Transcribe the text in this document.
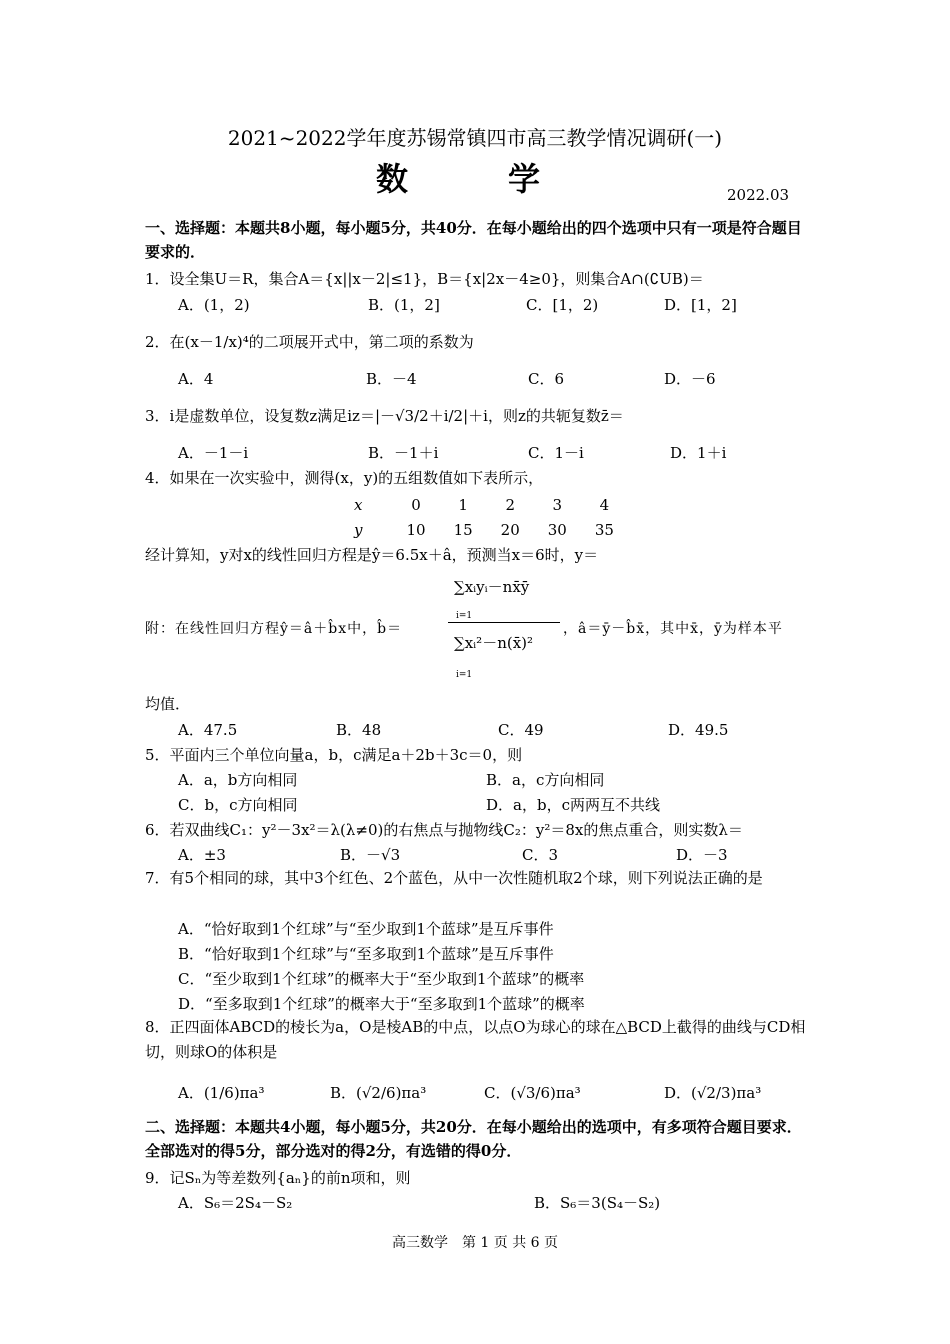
2021~2022学年度苏锡常镇四市高三教学情况调研(一)
数　学	2022.03
一、选择题：本题共8小题，每小题5分，共40分．在每小题给出的四个选项中只有一项是符合题目要求的．
1．设全集U＝R，集合A＝{x||x－2|≤1}，B＝{x|2x－4≥0}，则集合A∩(∁UB)＝
A．(1，2)	B．(1，2]	C．[1，2)	D．[1，2]
2．在(x－1/x)⁴的二项展开式中，第二项的系数为
A．4	B．－4	C．6	D．－6
3．i是虚数单位，设复数z满足iz＝|－√3/2＋i/2|＋i，则z的共轭复数z̄＝
A．－1－i	B．－1＋i	C．1－i	D．1＋i
4．如果在一次实验中，测得(x，y)的五组数值如下表所示，
x	0	1	2	3	4
y	10	15	20	30	35
经计算知，y对x的线性回归方程是ŷ＝6.5x＋â，预测当x＝6时，y＝
附：在线性回归方程ŷ＝â＋b̂x中，b̂＝
∑xᵢyᵢ－nx̄ȳ
i=1
∑xᵢ²－n(x̄)²
i=1
，â＝ȳ－b̂x̄，其中x̄，ȳ为样本平
均值．
A．47.5	B．48	C．49	D．49.5
5．平面内三个单位向量a，b，c满足a＋2b＋3c＝0，则
A．a，b方向相同	B．a，c方向相同
C．b，c方向相同	D．a，b，c两两互不共线
6．若双曲线C₁：y²－3x²＝λ(λ≠0)的右焦点与抛物线C₂：y²＝8x的焦点重合，则实数λ＝
A．±3	B．－√3	C．3	D．－3
7．有5个相同的球，其中3个红色、2个蓝色，从中一次性随机取2个球，则下列说法正确的是
A．“恰好取到1个红球”与“至少取到1个蓝球”是互斥事件
B．“恰好取到1个红球”与“至多取到1个蓝球”是互斥事件
C．“至少取到1个红球”的概率大于“至少取到1个蓝球”的概率
D．“至多取到1个红球”的概率大于“至多取到1个蓝球”的概率
8．正四面体ABCD的棱长为a，O是棱AB的中点，以点O为球心的球在△BCD上截得的曲线与CD相切，则球O的体积是
A．(1/6)πa³	B．(√2/6)πa³	C．(√3/6)πa³	D．(√2/3)πa³
二、选择题：本题共4小题，每小题5分，共20分．在每小题给出的选项中，有多项符合题目要求．全部选对的得5分，部分选对的得2分，有选错的得0分．
9．记Sₙ为等差数列{aₙ}的前n项和，则
A．S₆＝2S₄－S₂	B．S₆＝3(S₄－S₂)
高三数学　第 1 页 共 6 页
